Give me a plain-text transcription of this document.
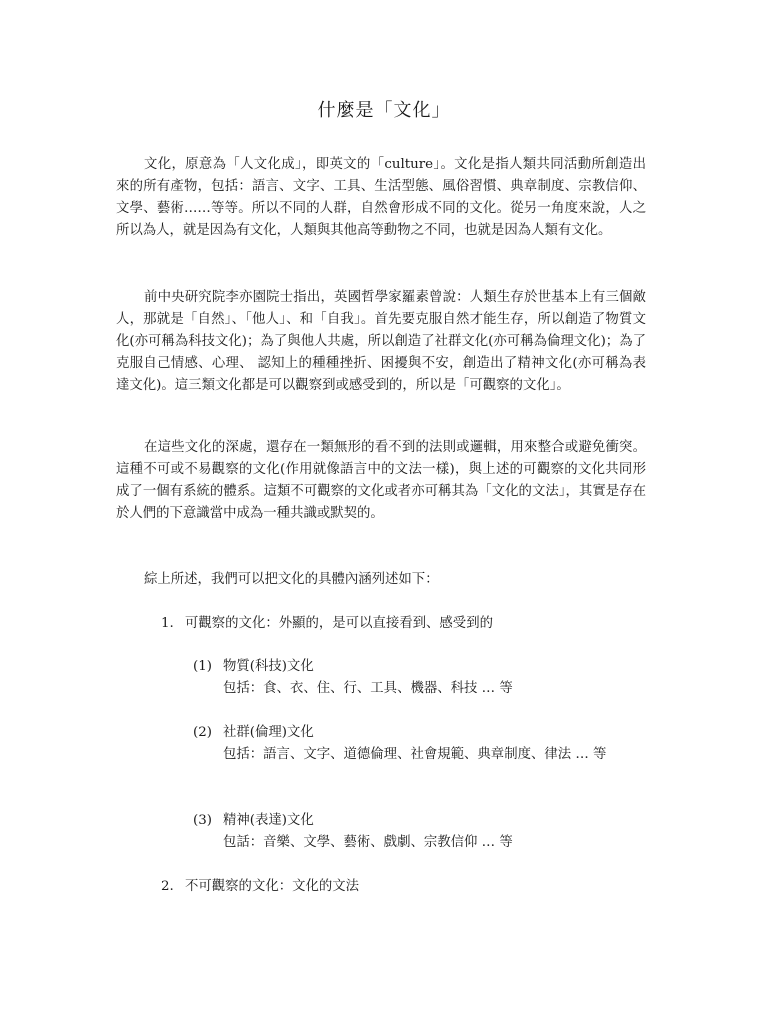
什麼是「文化」

文化，原意為「人文化成」，即英文的「culture」。文化是指人類共同活動所創造出來的所有產物，包括：語言、文字、工具、生活型態、風俗習慣、典章制度、宗教信仰、文學、藝術……等等。所以不同的人群，自然會形成不同的文化。從另一角度來說，人之所以為人，就是因為有文化，人類與其他高等動物之不同，也就是因為人類有文化。

前中央研究院李亦園院士指出，英國哲學家羅素曾說：人類生存於世基本上有三個敵人，那就是「自然」、「他人」、和「自我」。首先要克服自然才能生存，所以創造了物質文化(亦可稱為科技文化)；為了與他人共處，所以創造了社群文化(亦可稱為倫理文化)；為了克服自己情感、心理、 認知上的種種挫折、困擾與不安，創造出了精神文化(亦可稱為表達文化)。這三類文化都是可以觀察到或感受到的，所以是「可觀察的文化」。

在這些文化的深處，還存在一類無形的看不到的法則或邏輯，用來整合或避免衝突。這種不可或不易觀察的文化(作用就像語言中的文法一樣)，與上述的可觀察的文化共同形成了一個有系統的體系。這類不可觀察的文化或者亦可稱其為「文化的文法」，其實是存在於人們的下意識當中成為一種共識或默契的。

綜上所述，我們可以把文化的具體內涵列述如下：

1. 可觀察的文化：外顯的，是可以直接看到、感受到的
(1) 物質(科技)文化
包括：食、衣、住、行、工具、機器、科技 … 等
(2) 社群(倫理)文化
包括：語言、文字、道德倫理、社會規範、典章制度、律法 … 等
(3) 精神(表達)文化
包話：音樂、文學、藝術、戲劇、宗教信仰 … 等
2. 不可觀察的文化：文化的文法
